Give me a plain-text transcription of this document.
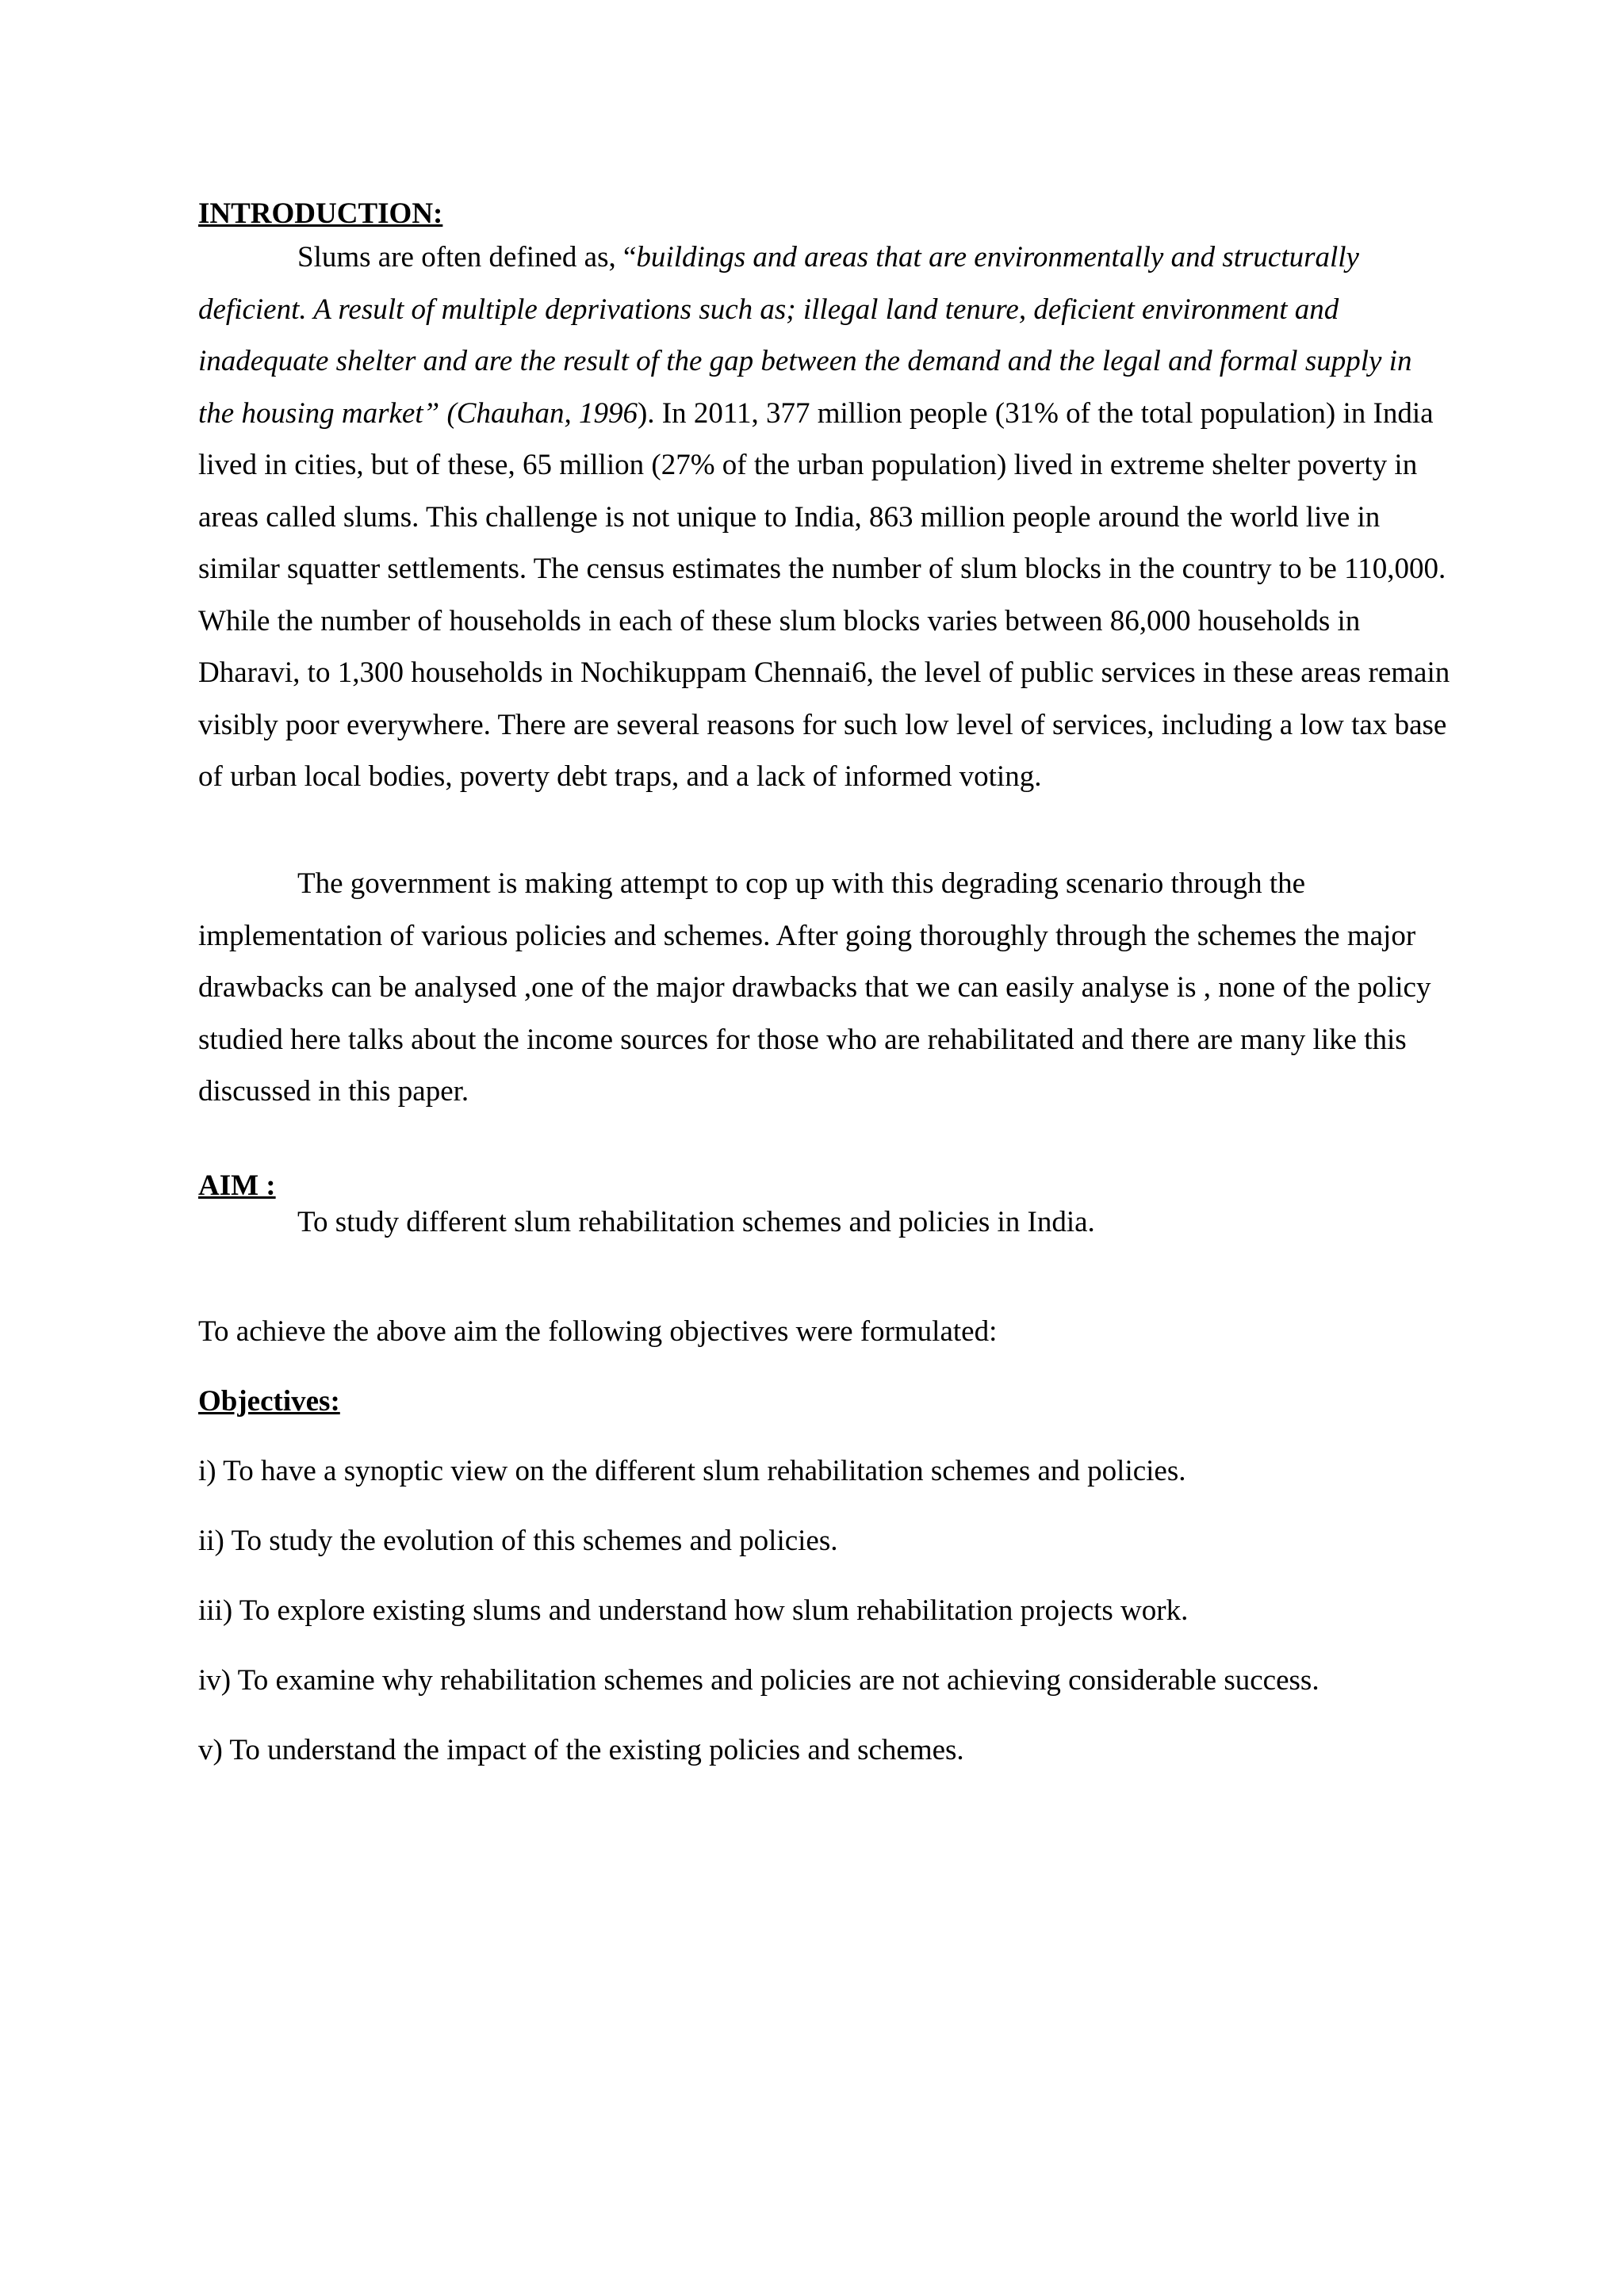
INTRODUCTION:

Slums are often defined as, “buildings and areas that are environmentally and structurally deficient. A result of multiple deprivations such as; illegal land tenure, deficient environment and inadequate shelter and are the result of the gap between the demand and the legal and formal supply in the housing market” (Chauhan, 1996). In 2011, 377 million people (31% of the total population) in India lived in cities, but of these, 65 million (27% of the urban population) lived in extreme shelter poverty in areas called slums. This challenge is not unique to India, 863 million people around the world live in similar squatter settlements. The census estimates the number of slum blocks in the country to be 110,000. While the number of households in each of these slum blocks varies between 86,000 households in Dharavi, to 1,300 households in Nochikuppam Chennai6, the level of public services in these areas remain visibly poor everywhere. There are several reasons for such low level of services, including a low tax base of urban local bodies, poverty debt traps, and a lack of informed voting.

The government is making attempt to cop up with this degrading scenario through the implementation of various policies and schemes. After going thoroughly through the schemes the major drawbacks can be analysed ,one of the major drawbacks that we can easily analyse is , none of the policy studied here talks about the income sources for those who are rehabilitated and there are many like this discussed in this paper.

AIM :

To study different slum rehabilitation schemes and policies in India.

To achieve the above aim the following objectives were formulated:

Objectives:

i) To have a synoptic view on the different slum rehabilitation schemes and policies.

ii) To study the evolution of this schemes and policies.

iii) To explore existing slums and understand how slum rehabilitation projects work.

iv) To examine why rehabilitation schemes and policies are not achieving considerable success.

v) To understand the impact of the existing policies and schemes.
